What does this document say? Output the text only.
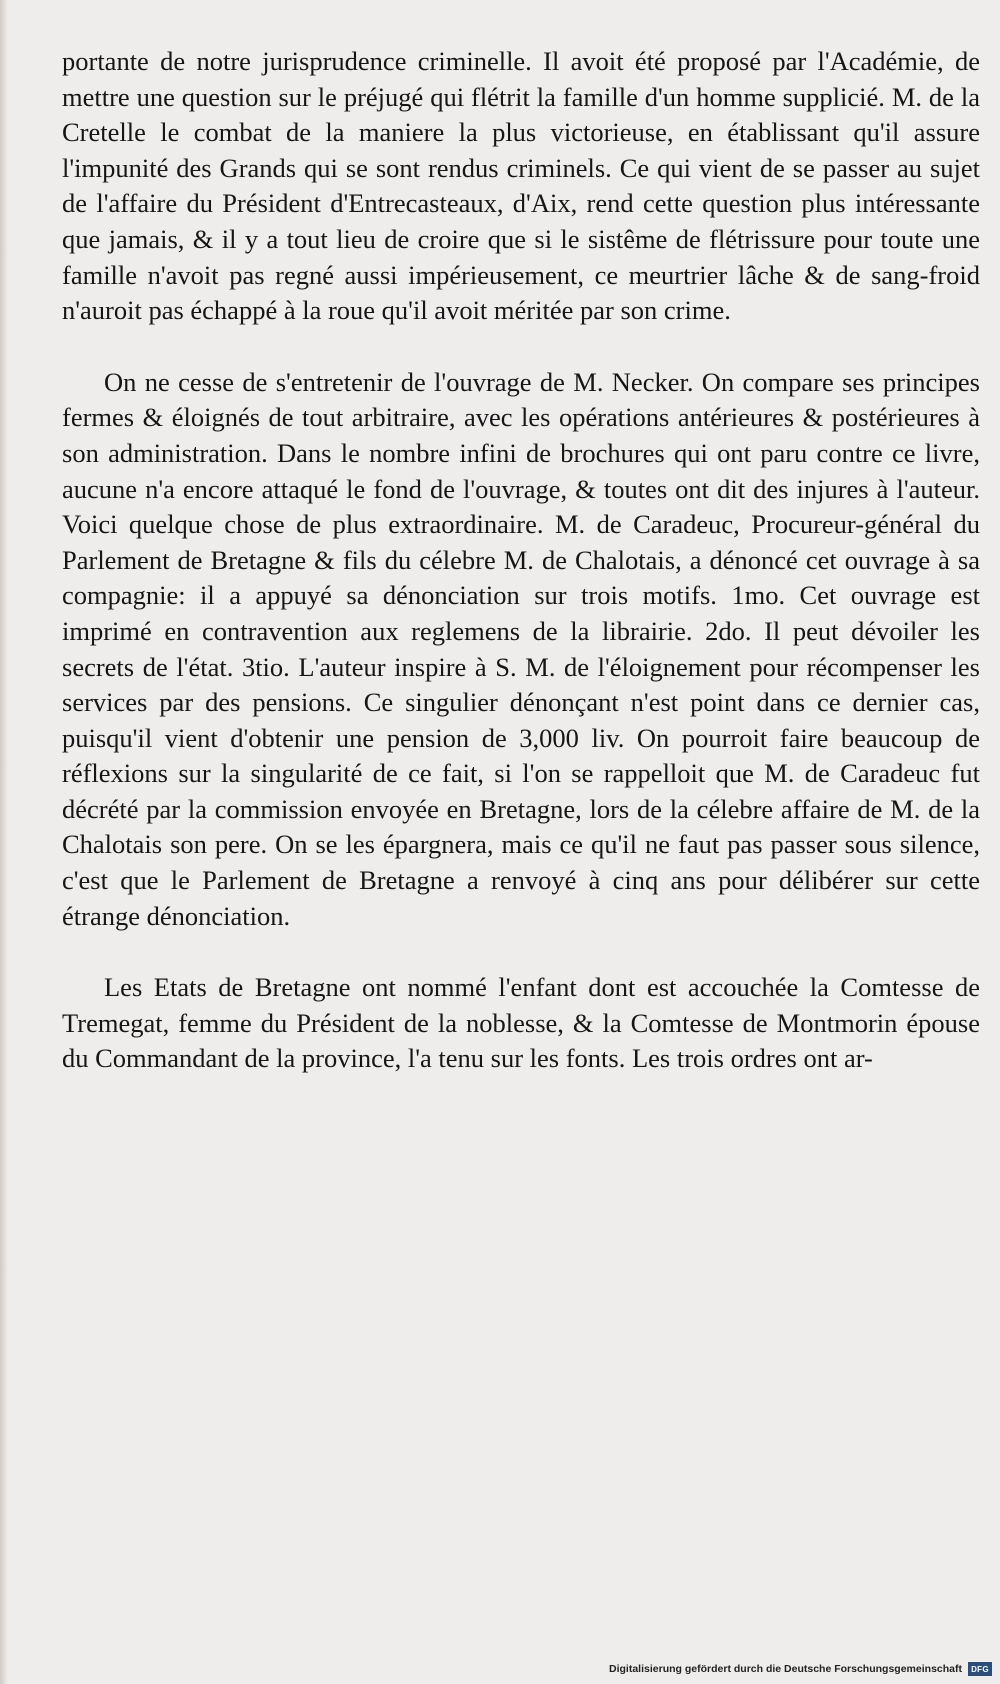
portante de notre jurisprudence criminelle. Il avoit été proposé par l'Académie, de mettre une question sur le préjugé qui flétrit la famille d'un homme supplicié. M. de la Cretelle le combat de la maniere la plus victorieuse, en établissant qu'il assure l'impunité des Grands qui se sont rendus criminels. Ce qui vient de se passer au sujet de l'affaire du Président d'Entrecasteaux, d'Aix, rend cette question plus intéressante que jamais, & il y a tout lieu de croire que si le sistême de flétrissure pour toute une famille n'avoit pas regné aussi impérieusement, ce meurtrier lâche & de sang-froid n'auroit pas échappé à la roue qu'il avoit méritée par son crime.

On ne cesse de s'entretenir de l'ouvrage de M. Necker. On compare ses principes fermes & éloignés de tout arbitraire, avec les opérations antérieures & postérieures à son administration. Dans le nombre infini de brochures qui ont paru contre ce livre, aucune n'a encore attaqué le fond de l'ouvrage, & toutes ont dit des injures à l'auteur. Voici quelque chose de plus extraordinaire. M. de Caradeuc, Procureur-général du Parlement de Bretagne & fils du célebre M. de Chalotais, a dénoncé cet ouvrage à sa compagnie: il a appuyé sa dénonciation sur trois motifs. 1mo. Cet ouvrage est imprimé en contravention aux reglemens de la librairie. 2do. Il peut dévoiler les secrets de l'état. 3tio. L'auteur inspire à S. M. de l'éloignement pour récompenser les services par des pensions. Ce singulier dénonçant n'est point dans ce dernier cas, puisqu'il vient d'obtenir une pension de 3,000 liv. On pourroit faire beaucoup de réflexions sur la singularité de ce fait, si l'on se rappelloit que M. de Caradeuc fut décrété par la commission envoyée en Bretagne, lors de la célebre affaire de M. de la Chalotais son pere. On se les épargnera, mais ce qu'il ne faut pas passer sous silence, c'est que le Parlement de Bretagne a renvoyé à cinq ans pour délibérer sur cette étrange dénonciation.

Les Etats de Bretagne ont nommé l'enfant dont est accouchée la Comtesse de Tremegat, femme du Président de la noblesse, & la Comtesse de Montmorin épouse du Commandant de la province, l'a tenu sur les fonts. Les trois ordres ont ar-

Digitalisierung gefördert durch die Deutsche Forschungsgemeinschaft	DFG
